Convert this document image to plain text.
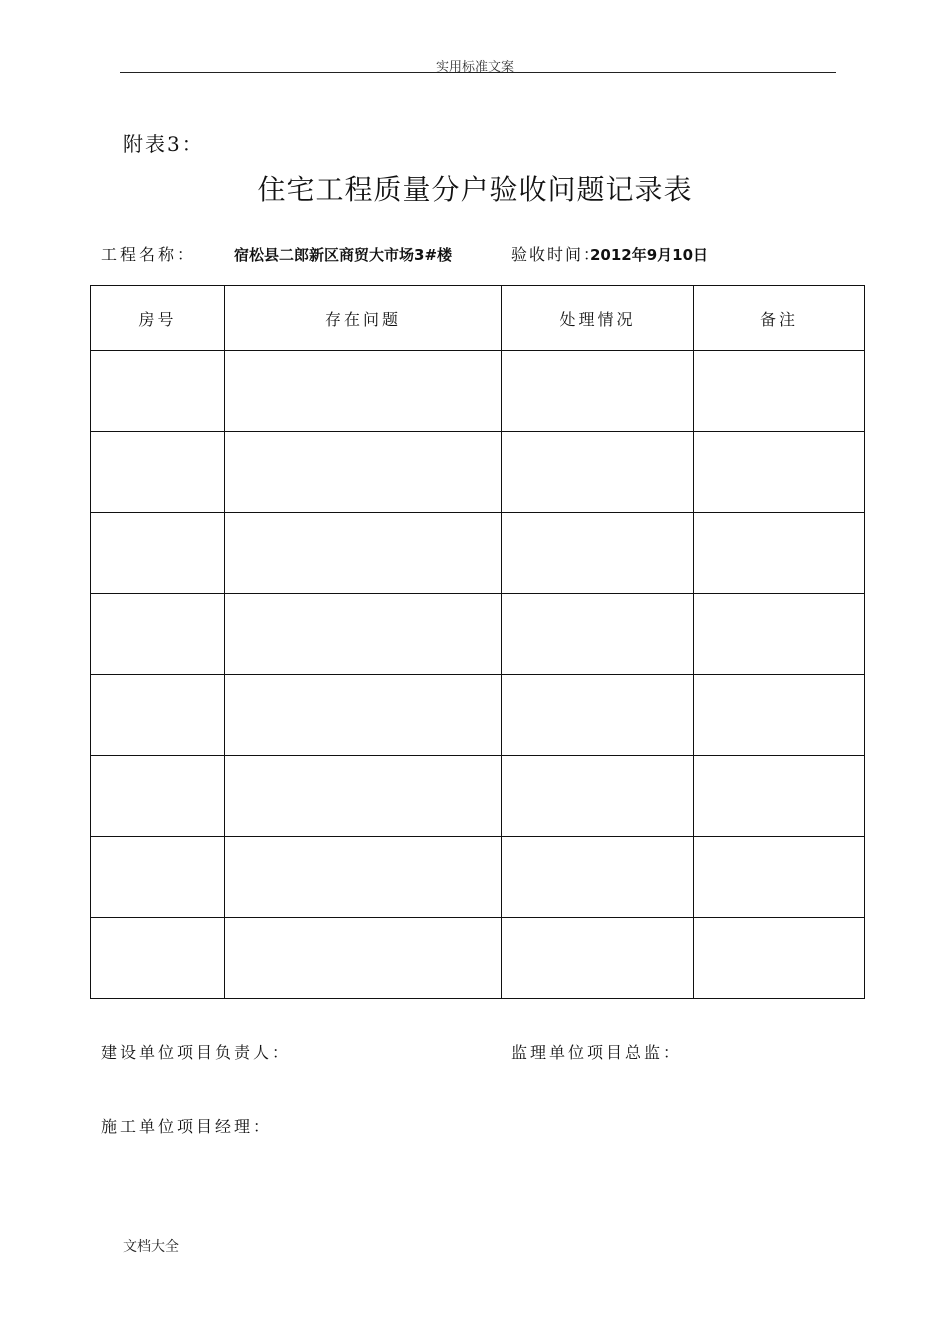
实用标准文案
附表3：
住宅工程质量分户验收问题记录表
工程名称：	宿松县二郎新区商贸大市场3#楼	验收时间：
2012年9月10日
房号	存在问题	处理情况	备注

建设单位项目负责人：	监理单位项目总监：
施工单位项目经理：
文档大全
